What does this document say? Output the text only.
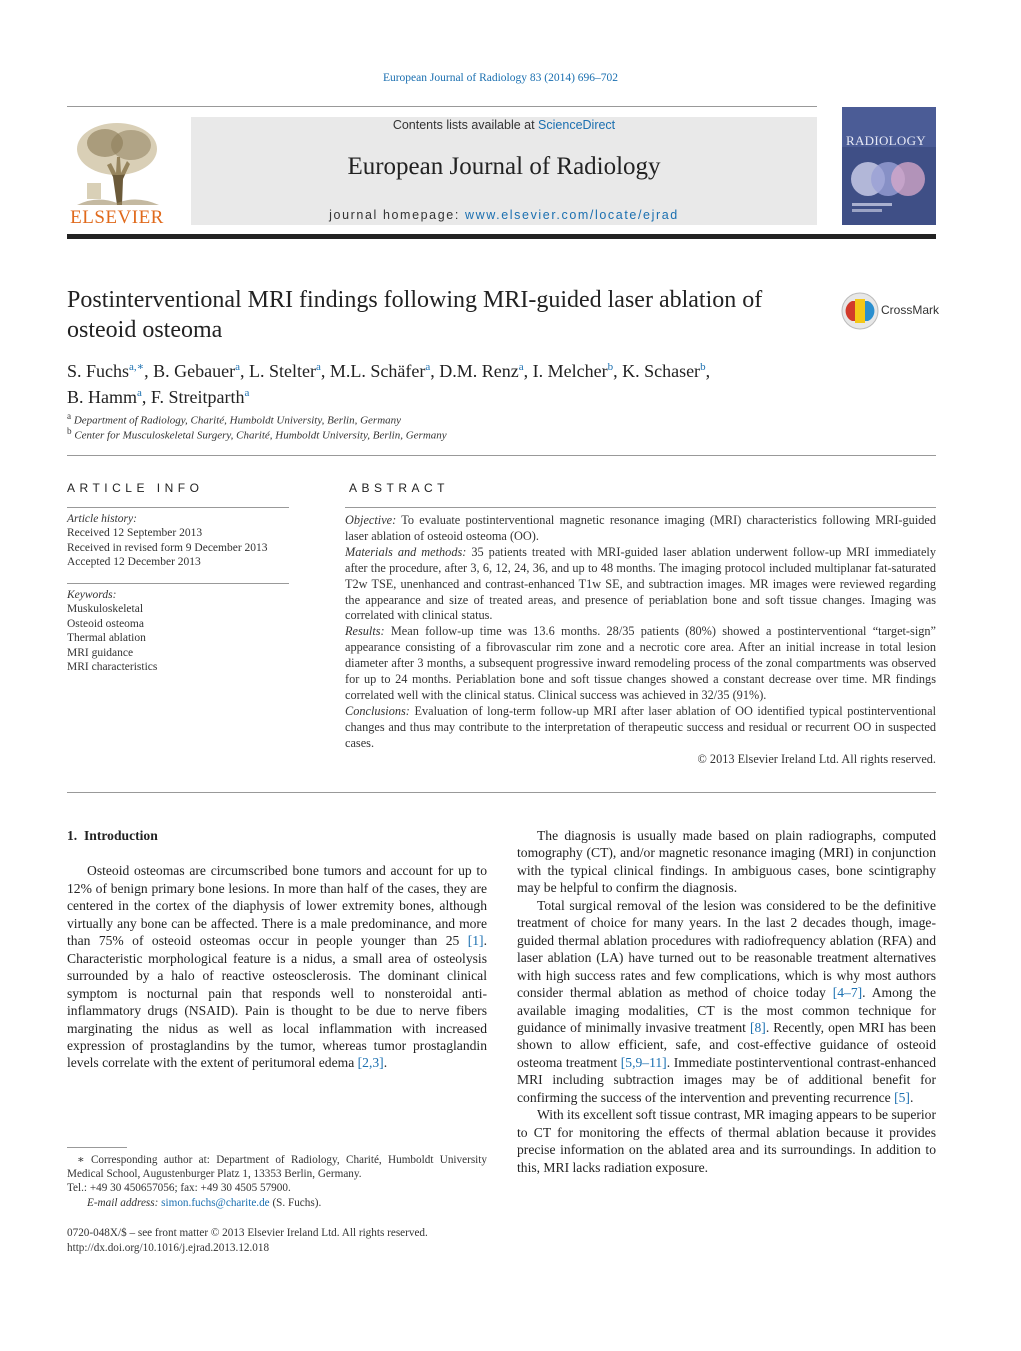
European Journal of Radiology 83 (2014) 696–702
ELSEVIER
Contents lists available at ScienceDirect
European Journal of Radiology
journal homepage: www.elsevier.com/locate/ejrad
RADIOLOGY
Postinterventional MRI findings following MRI-guided laser ablation of osteoid osteoma
CrossMark
S. Fuchs$^{a,∗}$, B. Gebauer$^a$, L. Stelter$^a$, M.L. Schäfer$^a$, D.M. Renz$^a$, I. Melcher$^b$, K. Schaser$^b$,
B. Hamm$^a$, F. Streitparth$^a$
$^a$ Department of Radiology, Charité, Humboldt University, Berlin, Germany
$^b$ Center for Musculoskeletal Surgery, Charité, Humboldt University, Berlin, Germany
ARTICLE INFO
Article history:
Received 12 September 2013
Received in revised form 9 December 2013
Accepted 12 December 2013
Keywords:
Muskuloskeletal
Osteoid osteoma
Thermal ablation
MRI guidance
MRI characteristics
ABSTRACT

Objective: To evaluate postinterventional magnetic resonance imaging (MRI) characteristics following MRI-guided laser ablation of osteoid osteoma (OO).

Materials and methods: 35 patients treated with MRI-guided laser ablation underwent follow-up MRI immediately after the procedure, after 3, 6, 12, 24, 36, and up to 48 months. The imaging protocol included multiplanar fat-saturated T2w TSE, unenhanced and contrast-enhanced T1w SE, and subtraction images. MR images were reviewed regarding the appearance and size of treated areas, and presence of periablation bone and soft tissue changes. Imaging was correlated with clinical status.

Results: Mean follow-up time was 13.6 months. 28/35 patients (80%) showed a postinterventional “target-sign” appearance consisting of a fibrovascular rim zone and a necrotic core area. After an initial increase in total lesion diameter after 3 months, a subsequent progressive inward remodeling process of the zonal compartments was observed for up to 24 months. Periablation bone and soft tissue changes showed a constant decrease over time. MR findings correlated well with the clinical status. Clinical success was achieved in 32/35 (91%).

Conclusions: Evaluation of long-term follow-up MRI after laser ablation of OO identified typical postinterventional changes and thus may contribute to the interpretation of therapeutic success and residual or recurrent OO in suspected cases.

© 2013 Elsevier Ireland Ltd. All rights reserved.

1. Introduction

Osteoid osteomas are circumscribed bone tumors and account for up to 12% of benign primary bone lesions. In more than half of the cases, they are centered in the cortex of the diaphysis of lower extremity bones, although virtually any bone can be affected. There is a male predominance, and more than 75% of osteoid osteomas occur in people younger than 25 [1]. Characteristic morphological feature is a nidus, a small area of osteolysis surrounded by a halo of reactive osteosclerosis. The dominant clinical symptom is nocturnal pain that responds well to nonsteroidal anti-inflammatory drugs (NSAID). Pain is thought to be due to nerve fibers marginating the nidus as well as local inflammation with increased expression of prostaglandins by the tumor, whereas tumor prostaglandin levels correlate with the extent of peritumoral edema [2,3].

The diagnosis is usually made based on plain radiographs, computed tomography (CT), and/or magnetic resonance imaging (MRI) in conjunction with the typical clinical findings. In ambiguous cases, bone scintigraphy may be helpful to confirm the diagnosis.

Total surgical removal of the lesion was considered to be the definitive treatment of choice for many years. In the last 2 decades though, image-guided thermal ablation procedures with radiofrequency ablation (RFA) and laser ablation (LA) have turned out to be reasonable treatment alternatives with high success rates and few complications, which is why most authors consider thermal ablation as method of choice today [4–7]. Among the available imaging modalities, CT is the most common technique for guidance of minimally invasive treatment [8]. Recently, open MRI has been shown to allow efficient, safe, and cost-effective guidance of osteoid osteoma treatment [5,9–11]. Immediate postinterventional contrast-enhanced MRI including subtraction images may be of additional benefit for confirming the success of the intervention and preventing recurrence [5].

With its excellent soft tissue contrast, MR imaging appears to be superior to CT for monitoring the effects of thermal ablation because it provides precise information on the ablated area and its surroundings. In addition to this, MRI lacks radiation exposure.

∗ Corresponding author at: Department of Radiology, Charité, Humboldt University Medical School, Augustenburger Platz 1, 13353 Berlin, Germany.
Tel.: +49 30 450657056; fax: +49 30 4505 57900.
E-mail address: simon.fuchs@charite.de (S. Fuchs).
0720-048X/$ – see front matter © 2013 Elsevier Ireland Ltd. All rights reserved.
http://dx.doi.org/10.1016/j.ejrad.2013.12.018
